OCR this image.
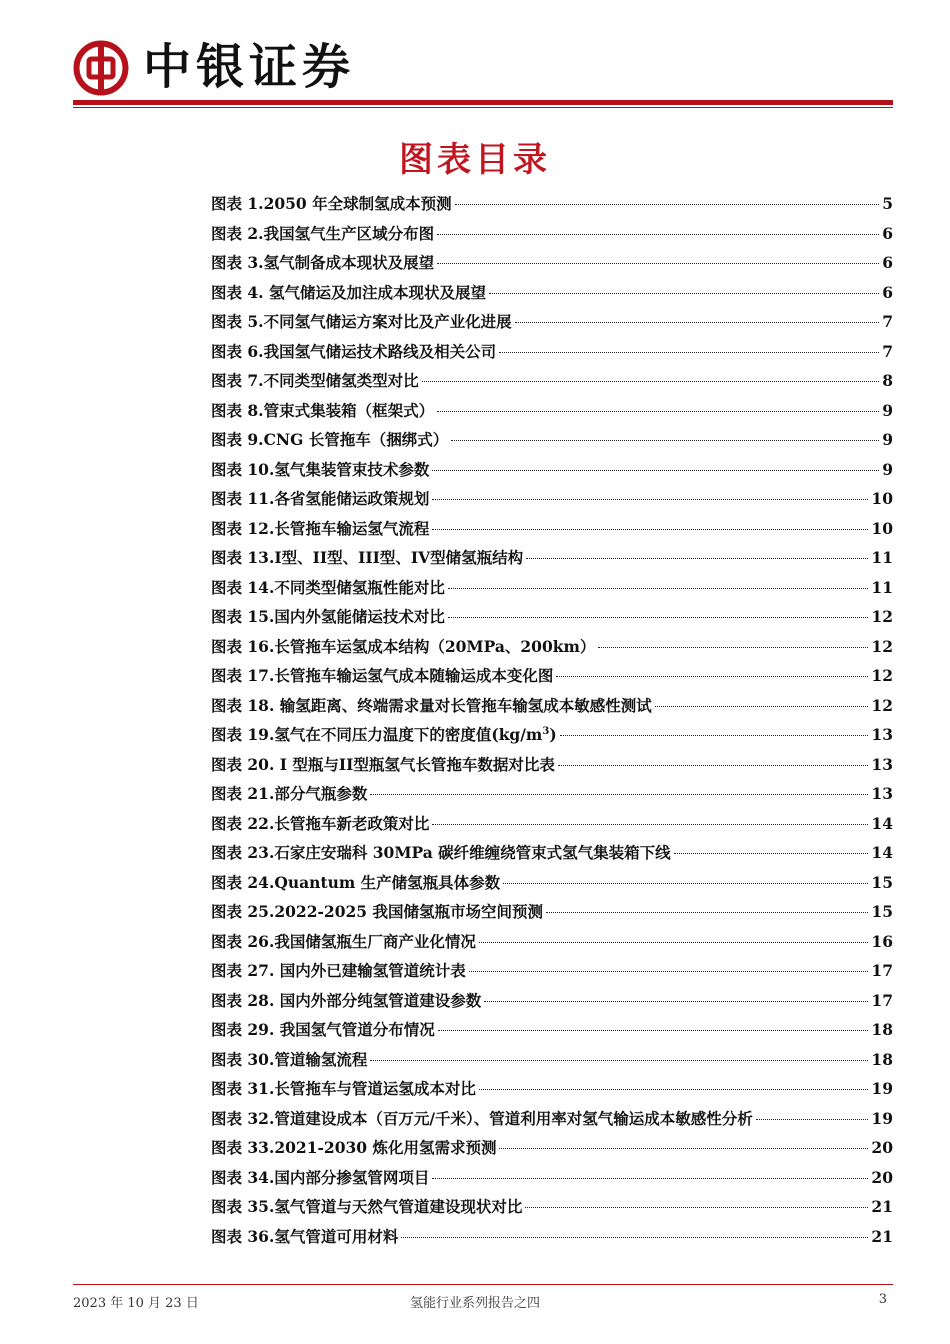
中银证券
图表目录
图表 1.2050 年全球制氢成本预测	5
图表 2.我国氢气生产区域分布图	6
图表 3.氢气制备成本现状及展望	6
图表 4. 氢气储运及加注成本现状及展望	6
图表 5.不同氢气储运方案对比及产业化进展	7
图表 6.我国氢气储运技术路线及相关公司	7
图表 7.不同类型储氢类型对比	8
图表 8.管束式集装箱（框架式）	9
图表 9.CNG 长管拖车（捆绑式）	9
图表 10.氢气集装管束技术参数	9
图表 11.各省氢能储运政策规划	10
图表 12.长管拖车输运氢气流程	10
图表 13.I型、II型、III型、IV型储氢瓶结构	11
图表 14.不同类型储氢瓶性能对比	11
图表 15.国内外氢能储运技术对比	12
图表 16.长管拖车运氢成本结构（20MPa、200km）	12
图表 17.长管拖车输运氢气成本随输运成本变化图	12
图表 18. 输氢距离、终端需求量对长管拖车输氢成本敏感性测试	12
图表 19.氢气在不同压力温度下的密度值$(kg/m^3)$	13
图表 20. I 型瓶与II型瓶氢气长管拖车数据对比表	13
图表 21.部分气瓶参数	13
图表 22.长管拖车新老政策对比	14
图表 23.石家庄安瑞科 30MPa 碳纤维缠绕管束式氢气集装箱下线	14
图表 24.Quantum 生产储氢瓶具体参数	15
图表 25.2022-2025 我国储氢瓶市场空间预测	15
图表 26.我国储氢瓶生厂商产业化情况	16
图表 27. 国内外已建输氢管道统计表	17
图表 28. 国内外部分纯氢管道建设参数	17
图表 29. 我国氢气管道分布情况	18
图表 30.管道输氢流程	18
图表 31.长管拖车与管道运氢成本对比	19
图表 32.管道建设成本（百万元/千米）、管道利用率对氢气输运成本敏感性分析	19
图表 33.2021-2030 炼化用氢需求预测	20
图表 34.国内部分掺氢管网项目	20
图表 35.氢气管道与天然气管道建设现状对比	21
图表 36.氢气管道可用材料	21
2023 年 10 月 23 日	氢能行业系列报告之四	3
